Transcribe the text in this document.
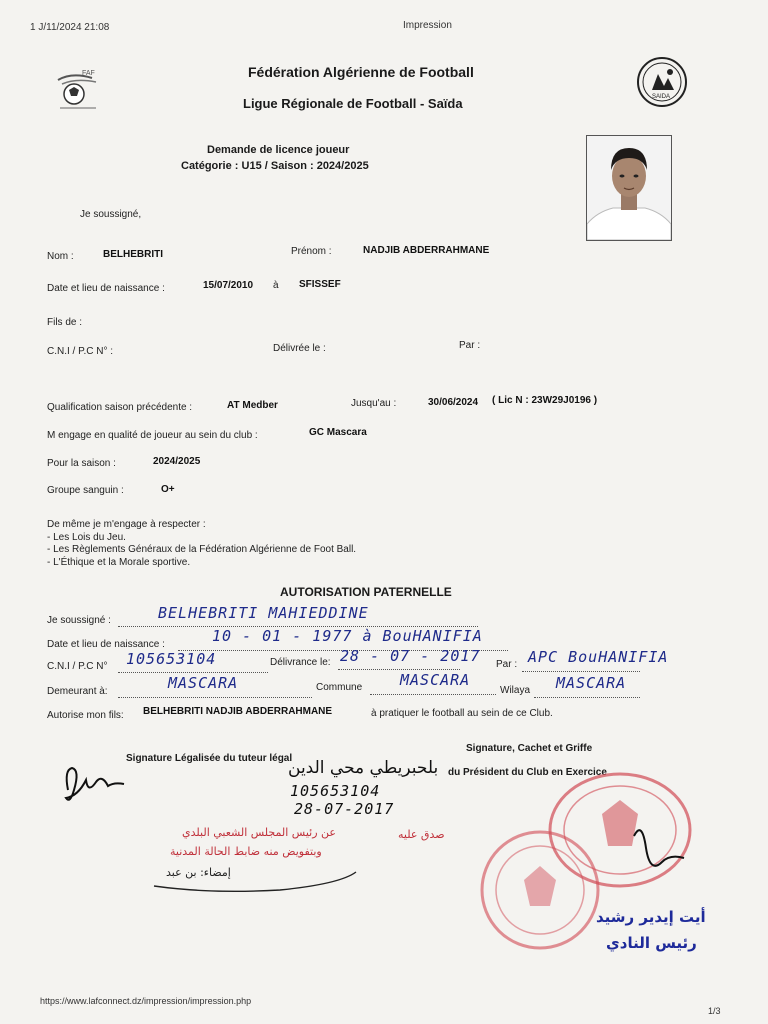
1 J/11/2024 21:08	Impression
FAF	Fédération Algérienne de Football
Ligue Régionale de Football - Saïda	SAIDA
Demande de licence joueur
Catégorie : U15 / Saison : 2024/2025
Je soussigné,
Nom :	BELHEBRITI	Prénom :	NADJIB ABDERRAHMANE
Date et lieu de naissance :	15/07/2010 à SFISSEF
Fils de :
C.N.I / P.C N° :	Délivrée le :	Par :
Qualification saison précédente :	AT Medber	Jusqu'au :	30/06/2024 ( Lic N : 23W29J0196 )
M engage en qualité de joueur au sein du club :	GC Mascara
Pour la saison :	2024/2025
Groupe sanguin :	O+
De même je m'engage à respecter :
- Les Lois du Jeu.
- Les Règlements Généraux de la Fédération Algérienne de Foot Ball.
- L'Éthique et la Morale sportive.
AUTORISATION PATERNELLE
Je soussigné :	BELHEBRITI MAHIEDDINE
Date et lieu de naissance :	10 - 01 - 1977 à BouHANIFIA
C.N.I / P.C N° 105653104	Délivrance le: 28 - 07 - 2017 Par : APC BouHANIFIA
Demeurant à:	MASCARA	Commune	MASCARA
Wilaya MASCARA
Autorise mon fils: BELHEBRITI NADJIB ABDERRAHMANE	à pratiquer le football au sein de ce Club.
Signature Légalisée du tuteur légal
Signature, Cachet et Griffe
du Président du Club en Exercice
بلحبريطي محي الدين
105653104
28-07-2017
عن رئيس المجلس الشعبي البلدي
وبتفويض منه ضابط الحالة المدنية
إمضاء: بن عبد
صدق عليه
أيت إيدير رشيد
رئيس النادي
https://www.lafconnect.dz/impression/impression.php
1/3
